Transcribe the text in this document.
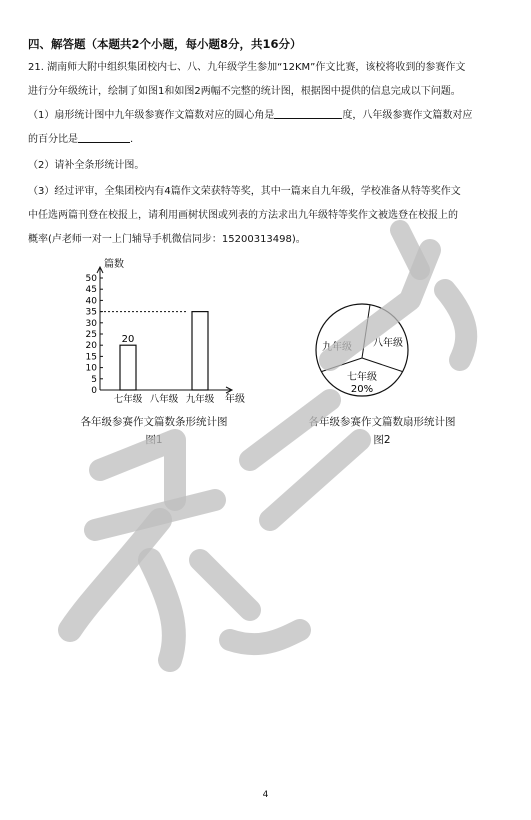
四、解答题（本题共2个小题，每小题8分，共16分）
21. 湖南师大附中组织集团校内七、八、九年级学生参加“12KM”作文比赛，该校将收到的参赛作文
进行分年级统计，绘制了如图1和如图2两幅不完整的统计图，根据图中提供的信息完成以下问题。
（1）扇形统计图中九年级参赛作文篇数对应的圆心角是	度，八年级参赛作文篇数对应
的百分比是	.
（2）请补全条形统计图。
（3）经过评审，全集团校内有4篇作文荣获特等奖，其中一篇来自九年级，学校准备从特等奖作文
中任选两篇刊登在校报上，请利用画树状图或列表的方法求出九年级特等奖作文被选登在校报上的
概率(卢老师一对一上门辅导手机微信同步：15200313498)。
篇数
年级
0
5
10
15
20
25
30
35
40
45
50
七年级
20
八年级 九年级
各年级参赛作文篇数条形统计图
图1
九年级 八年级
七年级
20%
各年级参赛作文篇数扇形统计图
图2
4
